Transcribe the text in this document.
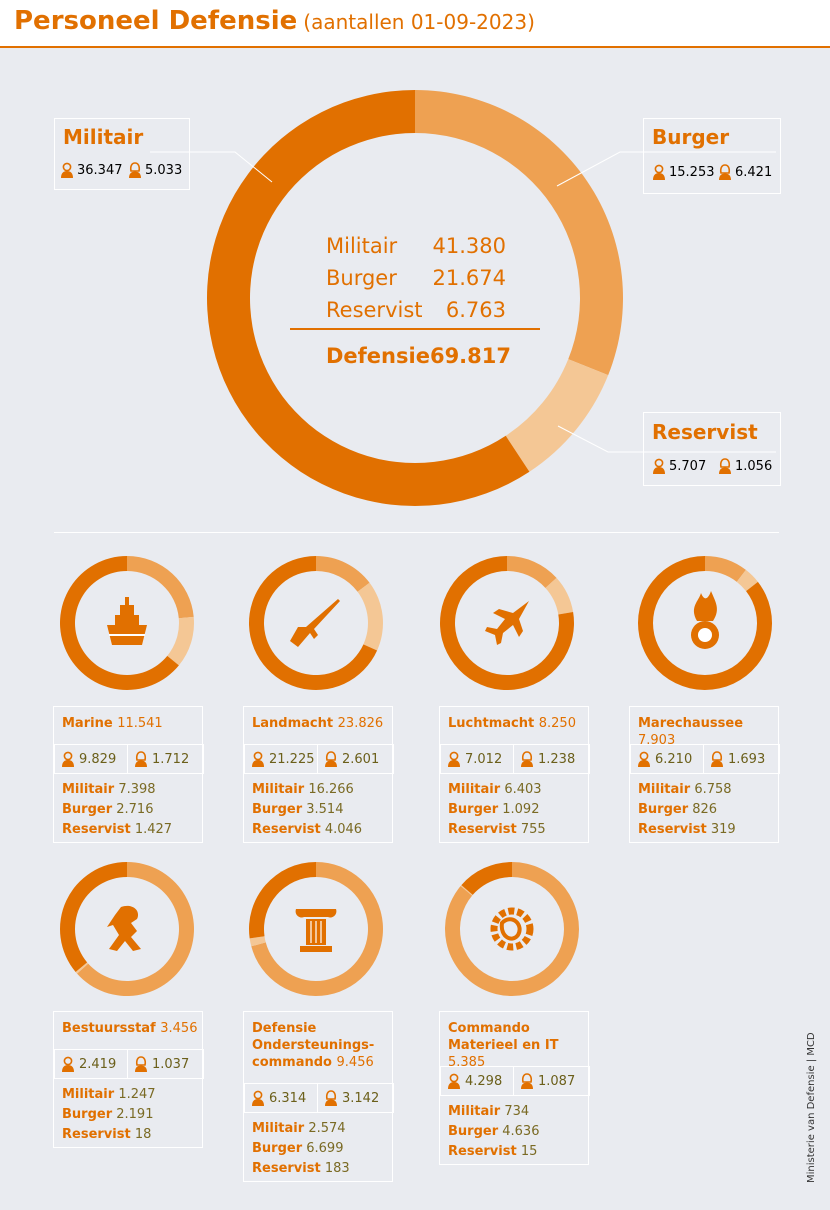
Personeel Defensie (aantallen 01-09-2023)
Militair
36.347 5.033
Burger
15.253 6.421
Reservist
5.707 1.056
Militair 41.380
Burger 21.674
Reservist 6.763
Defensie 69.817
Marine 11.541
9.829	1.712
Militair 7.398
Burger 2.716
Reservist 1.427
Landmacht 23.826
21.225 2.601
Militair 16.266
Burger 3.514
Reservist 4.046
Luchtmacht 8.250
7.012	1.238
Militair 6.403
Burger 1.092
Reservist 755
Marechaussee 7.903
6.210	1.693
Militair 6.758
Burger 826
Reservist 319
Bestuursstaf 3.456
2.419	1.037
Militair 1.247
Burger 2.191
Reservist 18
Defensie
Ondersteunings-
commando 9.456
6.314	3.142
Militair 2.574
Burger 6.699
Reservist 183
Commando
Materieel en IT 5.385
4.298	1.087
Militair 734
Burger 4.636
Reservist 15	Ministerie van Defensie | MCD
